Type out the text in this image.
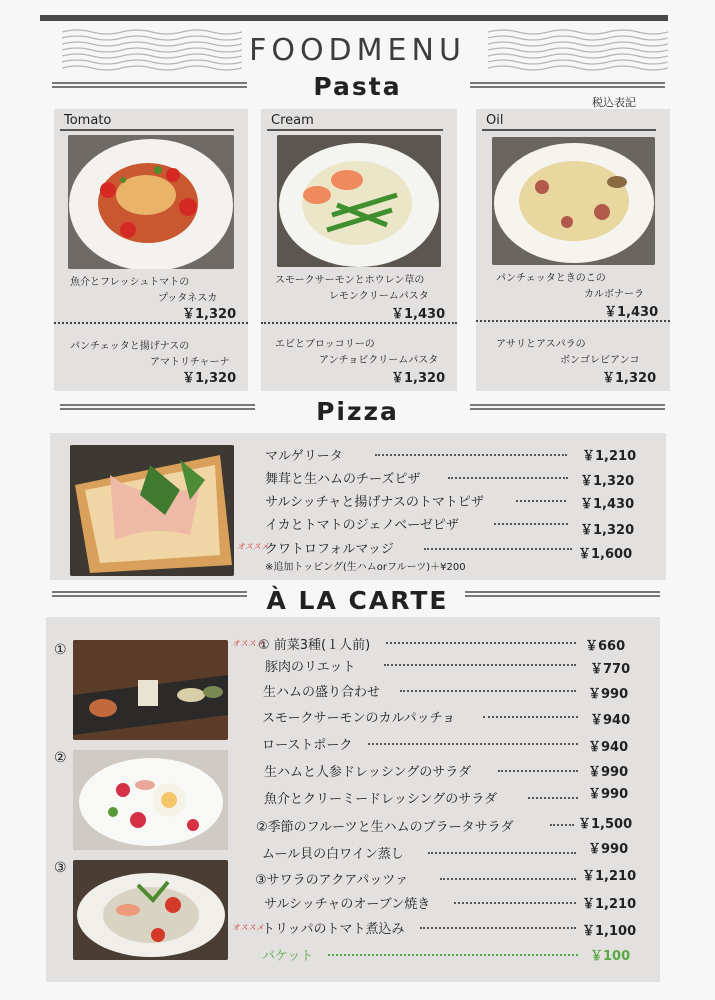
FOODMENU
Pasta
税込表記
Tomato
魚介とフレッシュトマトの
プッタネスカ
￥1,320
パンチェッタと揚げナスの
アマトリチャーナ
￥1,320
Cream
スモークサーモンとホウレン草の
レモンクリームパスタ
￥1,430
エビとブロッコリーの
アンチョビクリームパスタ
￥1,320
Oil
パンチェッタときのこの
カルボナーラ
￥1,430
アサリとアスパラの
ボンゴレビアンコ
￥1,320
Pizza
マルゲリータ	￥1,210
舞茸と生ハムのチーズピザ	￥1,320
サルシッチャと揚げナスのトマトピザ	￥1,430
イカとトマトのジェノベーゼピザ	￥1,320
オススメ
クワトロフォルマッジ	￥1,600
※追加トッピング(生ハムorフルーツ)＋¥200
À LA CARTE
①
②
③
オススメ
① 前菜3種(１人前)	￥660
豚肉のリエット	￥770
生ハムの盛り合わせ	￥990
スモークサーモンのカルパッチョ	￥940
ローストポーク	￥940
生ハムと人参ドレッシングのサラダ	￥990
魚介とクリーミードレッシングのサラダ	￥990
②季節のフルーツと生ハムのブラータサラダ	￥1,500
ムール貝の白ワイン蒸し	￥990
③サワラのアクアパッツァ	￥1,210
サルシッチャのオーブン焼き	￥1,210
オススメ
トリッパのトマト煮込み	￥1,100
バケット	￥100
